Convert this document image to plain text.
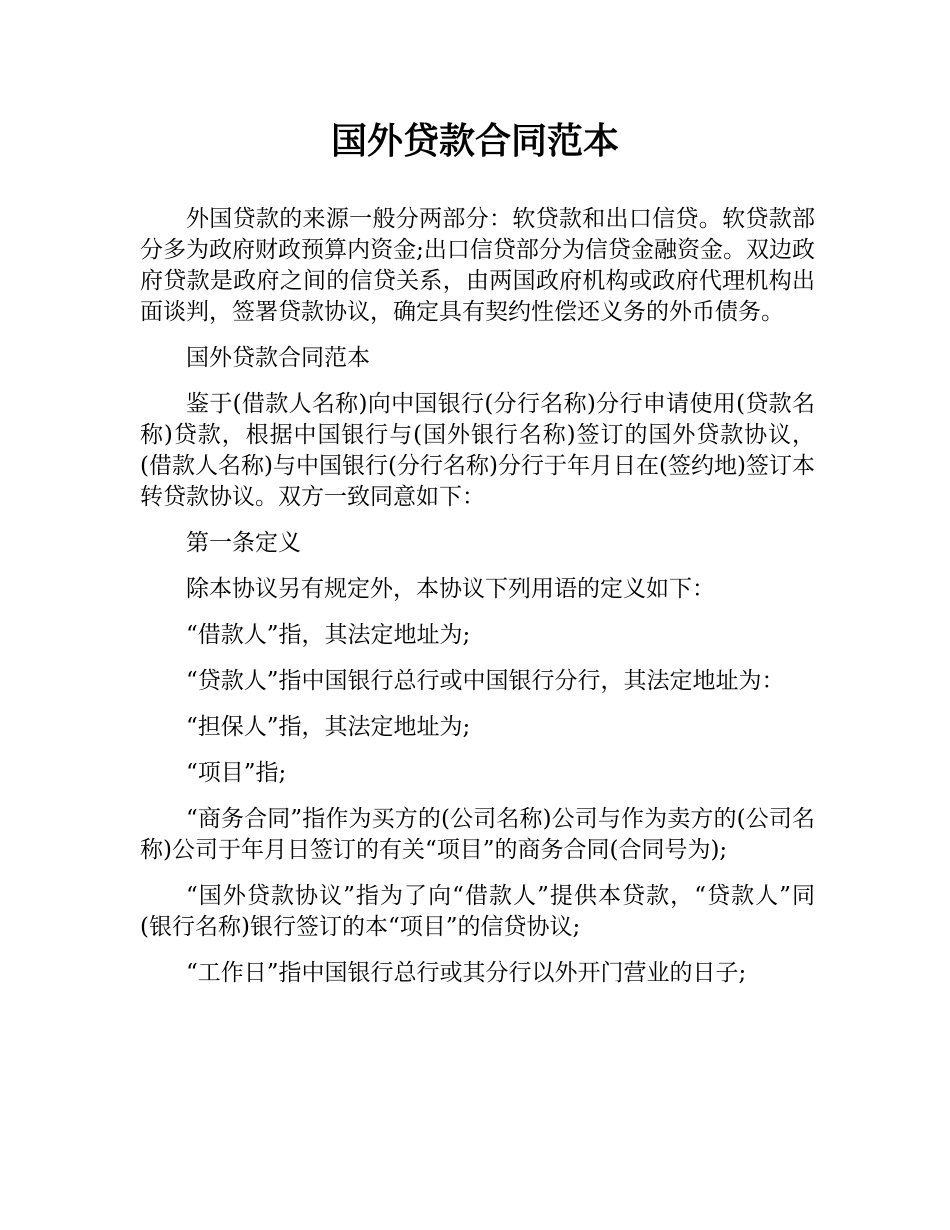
国外贷款合同范本

外国贷款的来源一般分两部分：软贷款和出口信贷。软贷款部分多为政府财政预算内资金;出口信贷部分为信贷金融资金。双边政府贷款是政府之间的信贷关系，由两国政府机构或政府代理机构出面谈判，签署贷款协议，确定具有契约性偿还义务的外币债务。

国外贷款合同范本

鉴于(借款人名称)向中国银行(分行名称)分行申请使用(贷款名称)贷款，根据中国银行与(国外银行名称)签订的国外贷款协议，(借款人名称)与中国银行(分行名称)分行于年月日在(签约地)签订本转贷款协议。双方一致同意如下：

第一条定义

除本协议另有规定外，本协议下列用语的定义如下：

“借款人”指，其法定地址为;

“贷款人”指中国银行总行或中国银行分行，其法定地址为：

“担保人”指，其法定地址为;

“项目”指;

“商务合同”指作为买方的(公司名称)公司与作为卖方的(公司名称)公司于年月日签订的有关“项目”的商务合同(合同号为);

“国外贷款协议”指为了向“借款人”提供本贷款，“贷款人”同(银行名称)银行签订的本“项目”的信贷协议;

“工作日”指中国银行总行或其分行以外开门营业的日子;
